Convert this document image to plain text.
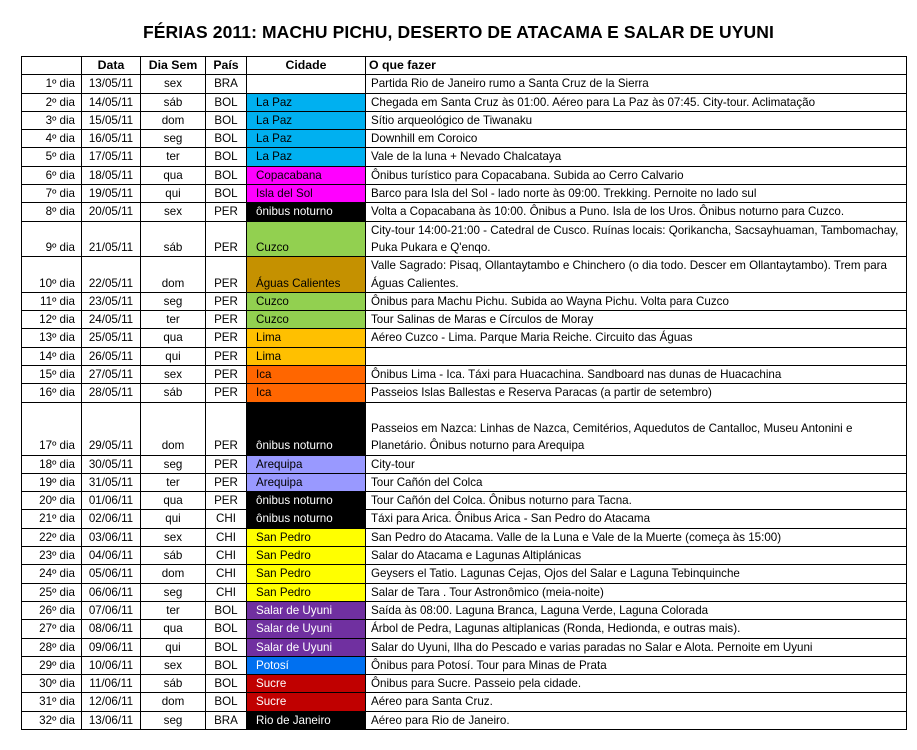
FÉRIAS 2011: MACHU PICHU, DESERTO DE ATACAMA E SALAR DE UYUNI
	Data	Dia Sem	País	Cidade	O que fazer
1º dia	13/05/11	sex	BRA		Partida Rio de Janeiro rumo a Santa Cruz de la Sierra
2º dia	14/05/11	sáb	BOL	La Paz	Chegada em Santa Cruz às 01:00. Aéreo para La Paz às 07:45. City-tour. Aclimatação
3º dia	15/05/11	dom	BOL	La Paz	Sítio arqueológico de Tiwanaku
4º dia	16/05/11	seg	BOL	La Paz	Downhill em Coroico
5º dia	17/05/11	ter	BOL	La Paz	Vale de la luna + Nevado Chalcataya
6º dia	18/05/11	qua	BOL	Copacabana	Ônibus turístico para Copacabana. Subida ao Cerro Calvario
7º dia	19/05/11	qui	BOL	Isla del Sol	Barco para Isla del Sol - lado norte às 09:00. Trekking. Pernoite no lado sul
8º dia	20/05/11	sex	PER	ônibus noturno	Volta a Copacabana às 10:00. Ônibus a Puno. Isla de los Uros. Ônibus noturno para Cuzco.
9º dia	21/05/11	sáb	PER	Cuzco	City-tour 14:00-21:00 - Catedral de Cusco. Ruínas locais: Qorikancha, Sacsayhuaman, Tambomachay, Puka Pukara e Q'enqo.
10º dia	22/05/11	dom	PER	Águas Calientes	Valle Sagrado: Pisaq, Ollantaytambo e Chinchero (o dia todo. Descer em Ollantaytambo). Trem para Águas Calientes.
11º dia	23/05/11	seg	PER	Cuzco	Ônibus para Machu Pichu. Subida ao Wayna Pichu. Volta para Cuzco
12º dia	24/05/11	ter	PER	Cuzco	Tour Salinas de Maras e Círculos de Moray
13º dia	25/05/11	qua	PER	Lima	Aéreo Cuzco - Lima. Parque Maria Reiche. Circuito das Águas
14º dia	26/05/11	qui	PER	Lima	
15º dia	27/05/11	sex	PER	Ica	Ônibus Lima - Ica. Táxi para Huacachina. Sandboard nas dunas de Huacachina
16º dia	28/05/11	sáb	PER	Ica	Passeios Islas Ballestas e Reserva Paracas (a partir de setembro)
17º dia	29/05/11	dom	PER	ônibus noturno	Passeios em Nazca: Linhas de Nazca, Cemitérios, Aquedutos de Cantalloc, Museu Antonini e Planetário. Ônibus noturno para Arequipa
18º dia	30/05/11	seg	PER	Arequipa	City-tour
19º dia	31/05/11	ter	PER	Arequipa	Tour Cañón del Colca
20º dia	01/06/11	qua	PER	ônibus noturno	Tour Cañón del Colca. Ônibus noturno para Tacna.
21º dia	02/06/11	qui	CHI	ônibus noturno	Táxi para Arica. Ônibus Arica - San Pedro do Atacama
22º dia	03/06/11	sex	CHI	San Pedro	San Pedro do Atacama. Valle de la Luna e Vale de la Muerte (começa às 15:00)
23º dia	04/06/11	sáb	CHI	San Pedro	Salar do Atacama e Lagunas Altiplánicas
24º dia	05/06/11	dom	CHI	San Pedro	Geysers el Tatio. Lagunas Cejas, Ojos del Salar e Laguna Tebinquinche
25º dia	06/06/11	seg	CHI	San Pedro	Salar de Tara . Tour Astronômico (meia-noite)
26º dia	07/06/11	ter	BOL	Salar de Uyuni	Saída às 08:00. Laguna Branca, Laguna Verde, Laguna Colorada
27º dia	08/06/11	qua	BOL	Salar de Uyuni	Árbol de Pedra, Lagunas altiplanicas (Ronda, Hedionda, e outras mais).
28º dia	09/06/11	qui	BOL	Salar de Uyuni	Salar do Uyuni, Ilha do Pescado e varias paradas no Salar e Alota. Pernoite em Uyuni
29º dia	10/06/11	sex	BOL	Potosí	Ônibus para Potosí. Tour para Minas de Prata
30º dia	11/06/11	sáb	BOL	Sucre	Ônibus para Sucre. Passeio pela cidade.
31º dia	12/06/11	dom	BOL	Sucre	Aéreo para Santa Cruz.
32º dia	13/06/11	seg	BRA	Rio de Janeiro	Aéreo para Rio de Janeiro.
